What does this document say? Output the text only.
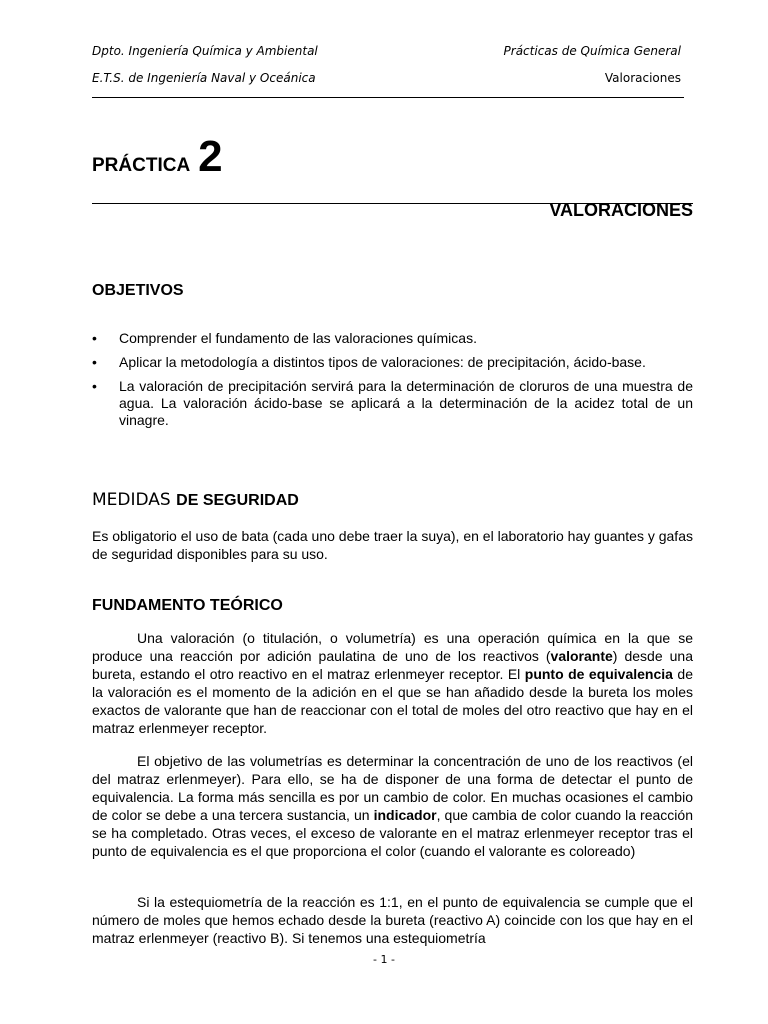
Dpto. Ingeniería Química y Ambiental	Prácticas de Química General
E.T.S. de Ingeniería Naval y Oceánica	Valoraciones
PRÁCTICA 2
VALORACIONES
OBJETIVOS
• Comprender el fundamento de las valoraciones químicas.
• Aplicar la metodología a distintos tipos de valoraciones: de precipitación, ácido-base.
• La valoración de precipitación servirá para la determinación de cloruros de una muestra de agua. La valoración ácido-base se aplicará a la determinación de la acidez total de un vinagre.
MEDIDAS DE SEGURIDAD

Es obligatorio el uso de bata (cada uno debe traer la suya), en el laboratorio hay guantes y gafas de seguridad disponibles para su uso.

FUNDAMENTO TEÓRICO

Una valoración (o titulación, o volumetría) es una operación química en la que se produce una reacción por adición paulatina de uno de los reactivos (valorante) desde una bureta, estando el otro reactivo en el matraz erlenmeyer receptor. El punto de equivalencia de la valoración es el momento de la adición en el que se han añadido desde la bureta los moles exactos de valorante que han de reaccionar con el total de moles del otro reactivo que hay en el matraz erlenmeyer receptor.

El objetivo de las volumetrías es determinar la concentración de uno de los reactivos (el del matraz erlenmeyer). Para ello, se ha de disponer de una forma de detectar el punto de equivalencia. La forma más sencilla es por un cambio de color. En muchas ocasiones el cambio de color se debe a una tercera sustancia, un indicador, que cambia de color cuando la reacción se ha completado. Otras veces, el exceso de valorante en el matraz erlenmeyer receptor tras el punto de equivalencia es el que proporciona el color (cuando el valorante es coloreado)

Si la estequiometría de la reacción es 1:1, en el punto de equivalencia se cumple que el número de moles que hemos echado desde la bureta (reactivo A) coincide con los que hay en el matraz erlenmeyer (reactivo B). Si tenemos una estequiometría

- 1 -
